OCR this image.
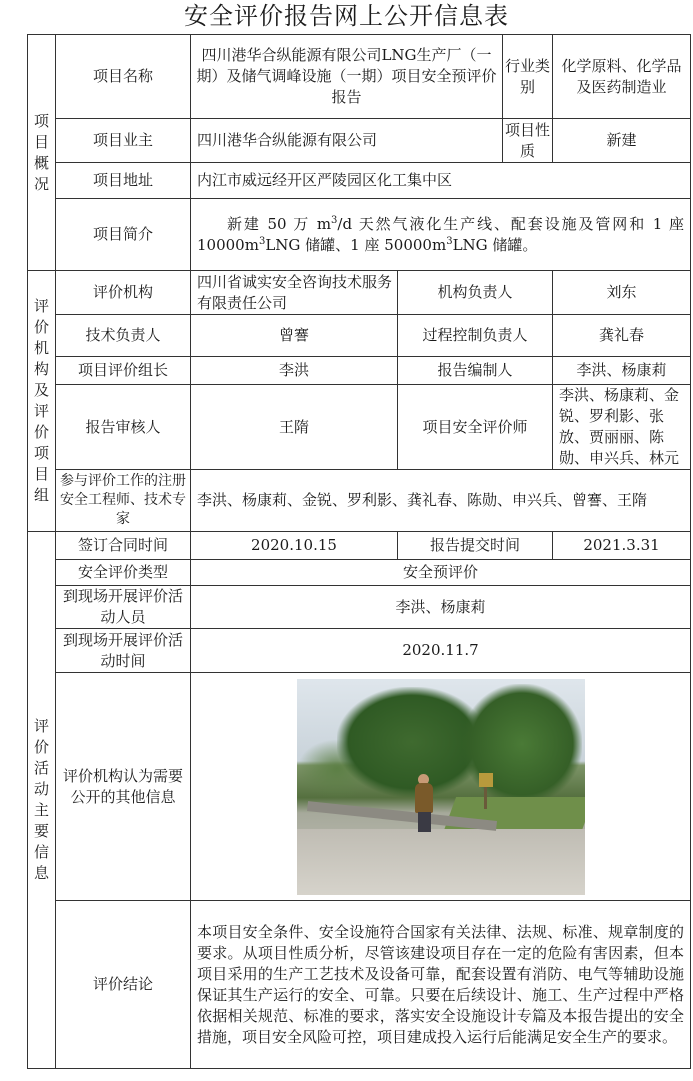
安全评价报告网上公开信息表
项目概况	项目名称	四川港华合纵能源有限公司LNG生产厂（一期）及储气调峰设施（一期）项目安全预评价报告		行业类别	化学原料、化学品及医药制造业
	项目业主	四川港华合纵能源有限公司		项目性质	新建
	项目地址	内江市威远经开区严陵园区化工集中区			
	项目简介	新建 50 万 $m^3/d$ 天然气液化生产线、配套设施及管网和 1 座 $10000m^3LNG$ 储罐、1 座 $50000m^3LNG$ 储罐。			

评价机构及评价项目组	评价机构	四川省诚实安全咨询技术服务有限责任公司	机构负责人		刘东
	技术负责人	曾謇	过程控制负责人		龚礼春
	项目评价组长	李洪	报告编制人		李洪、杨康莉
	报告审核人	王隋	项目安全评价师		李洪、杨康莉、金锐、罗利影、张放、贾丽丽、陈勋、申兴兵、林元
	参与评价工作的注册安全工程师、技术专家	李洪、杨康莉、金锐、罗利影、龚礼春、陈勋、申兴兵、曾謇、王隋			

评价活动主要信息	签订合同时间	2020.10.15	报告提交时间		2021.3.31
	安全评价类型	安全预评价			
	到现场开展评价活动人员	李洪、杨康莉			
	到现场开展评价活动时间	2020.11.7			
	评价机构认为需要公开的其他信息				

	评价结论	本项目安全条件、安全设施符合国家有关法律、法规、标准、规章制度的要求。从项目性质分析，尽管该建设项目存在一定的危险有害因素，但本项目采用的生产工艺技术及设备可靠，配套设置有消防、电气等辅助设施保证其生产运行的安全、可靠。只要在后续设计、施工、生产过程中严格依据相关规范、标准的要求，落实安全设施设计专篇及本报告提出的安全措施，项目安全风险可控，项目建成投入运行后能满足安全生产的要求。			
